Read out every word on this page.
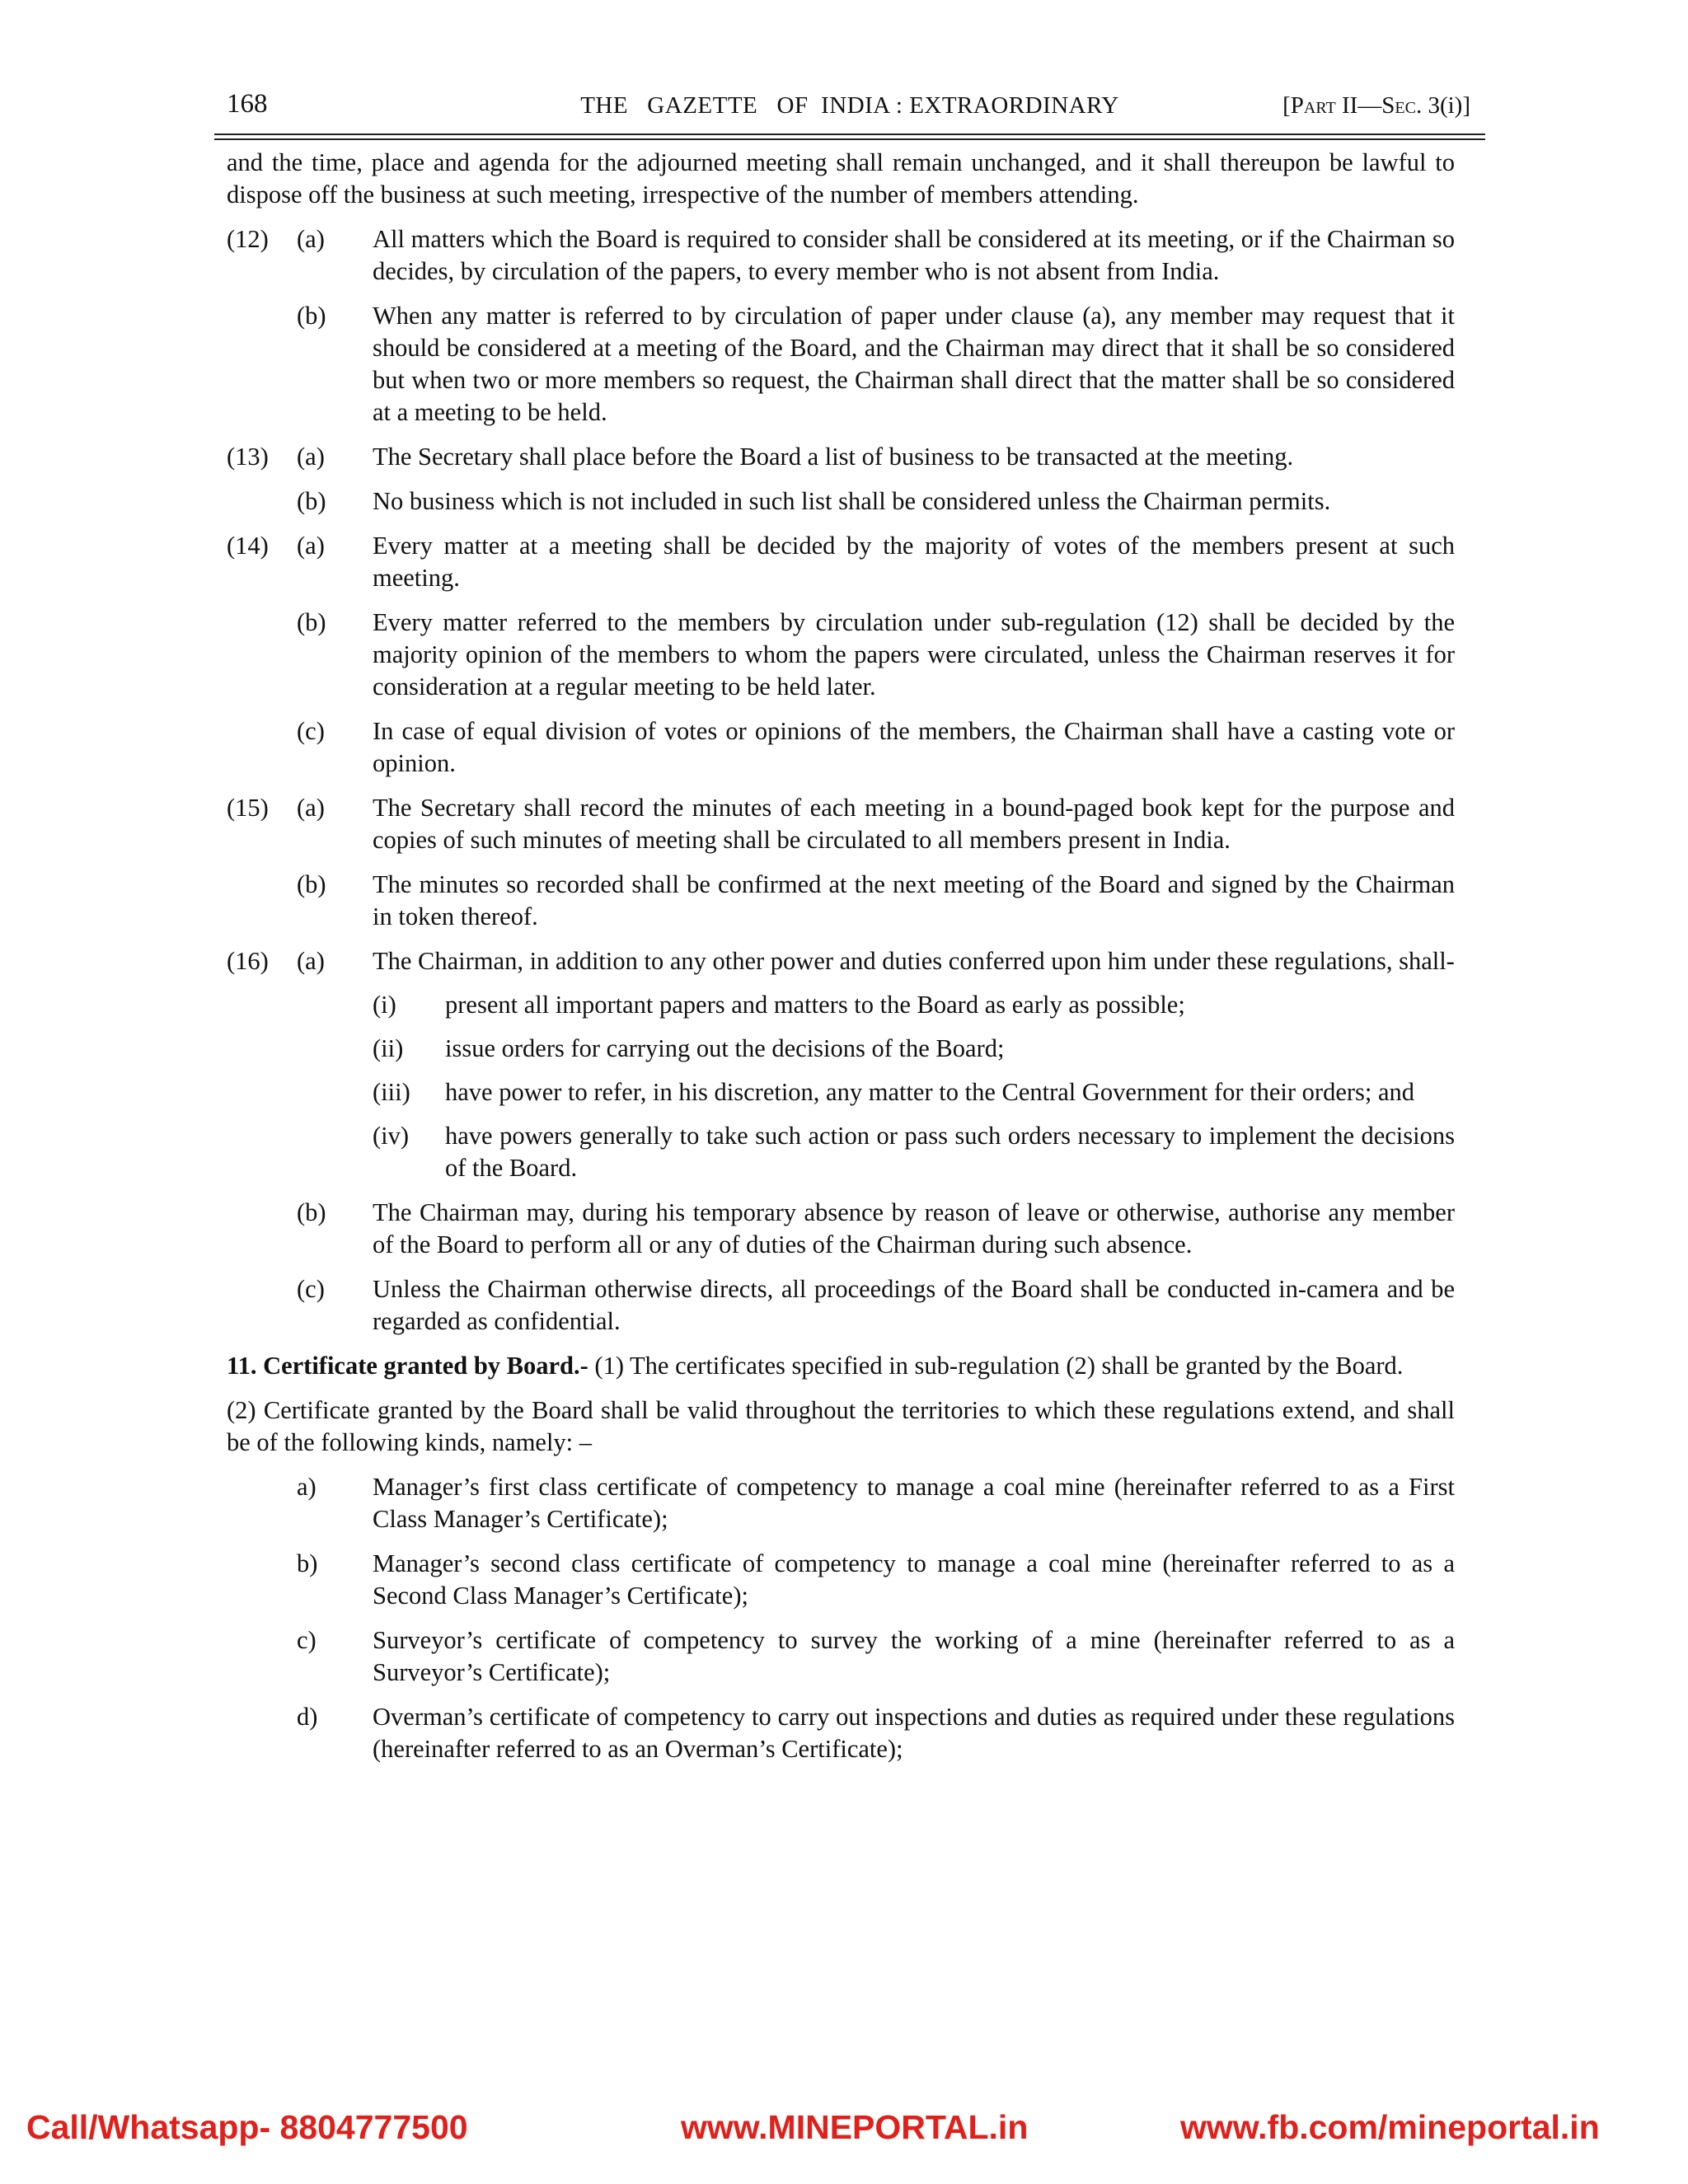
168	THE   GAZETTE   OF  INDIA : EXTRAORDINARY	[Part II—Sec. 3(i)]

and the time, place and agenda for the adjourned meeting shall remain unchanged, and it shall thereupon be lawful to dispose off the business at such meeting, irrespective of the number of members attending.

(12) (a) All matters which the Board is required to consider shall be considered at its meeting, or if the Chairman so decides, by circulation of the papers, to every member who is not absent from India.
(b) When any matter is referred to by circulation of paper under clause (a), any member may request that it should be considered at a meeting of the Board, and the Chairman may direct that it shall be so considered but when two or more members so request, the Chairman shall direct that the matter shall be so considered at a meeting to be held.
(13) (a) The Secretary shall place before the Board a list of business to be transacted at the meeting.
(b) No business which is not included in such list shall be considered unless the Chairman permits.
(14) (a) Every matter at a meeting shall be decided by the majority of votes of the members present at such meeting.
(b) Every matter referred to the members by circulation under sub-regulation (12) shall be decided by the majority opinion of the members to whom the papers were circulated, unless the Chairman reserves it for consideration at a regular meeting to be held later.
(c) In case of equal division of votes or opinions of the members, the Chairman shall have a casting vote or opinion.
(15) (a) The Secretary shall record the minutes of each meeting in a bound-paged book kept for the purpose and copies of such minutes of meeting shall be circulated to all members present in India.
(b) The minutes so recorded shall be confirmed at the next meeting of the Board and signed by the Chairman in token thereof.
(16) (a) The Chairman, in addition to any other power and duties conferred upon him under these regulations, shall-
(i) present all important papers and matters to the Board as early as possible;
(ii) issue orders for carrying out the decisions of the Board;
(iii) have power to refer, in his discretion, any matter to the Central Government for their orders; and
(iv) have powers generally to take such action or pass such orders necessary to implement the decisions of the Board.
(b) The Chairman may, during his temporary absence by reason of leave or otherwise, authorise any member of the Board to perform all or any of duties of the Chairman during such absence.
(c) Unless the Chairman otherwise directs, all proceedings of the Board shall be conducted in-camera and be regarded as confidential.

11. Certificate granted by Board.- (1) The certificates specified in sub-regulation (2) shall be granted by the Board.

(2) Certificate granted by the Board shall be valid throughout the territories to which these regulations extend, and shall be of the following kinds, namely: –

a) Manager’s first class certificate of competency to manage a coal mine (hereinafter referred to as a First Class Manager’s Certificate);
b) Manager’s second class certificate of competency to manage a coal mine (hereinafter referred to as a Second Class Manager’s Certificate);
c) Surveyor’s certificate of competency to survey the working of a mine (hereinafter referred to as a Surveyor’s Certificate);
d) Overman’s certificate of competency to carry out inspections and duties as required under these regulations (hereinafter referred to as an Overman’s Certificate);
Call/Whatsapp- 8804777500	www.MINEPORTAL.in	www.fb.com/mineportal.in
